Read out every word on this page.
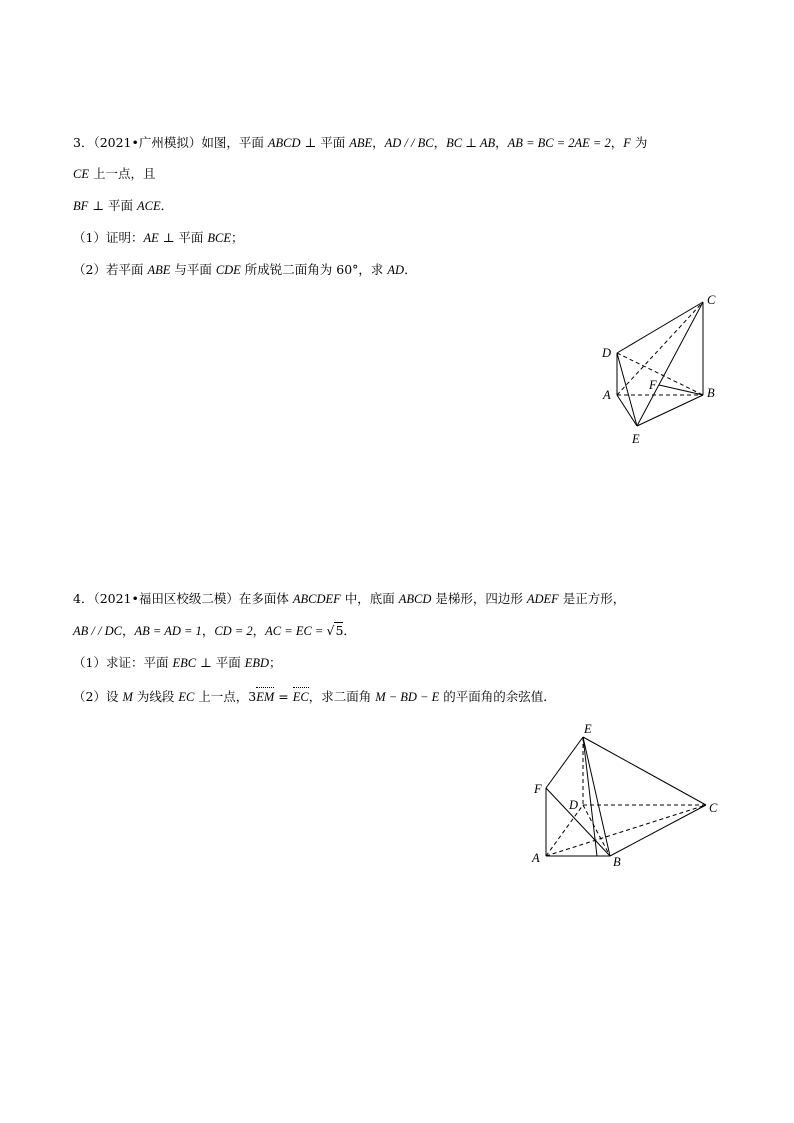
3．（2021•广州模拟）如图，平面 ABCD ⊥ 平面 ABE，AD / / BC，BC ⊥ AB，AB = BC = 2AE = 2，F 为
CE 上一点，且
BF ⊥ 平面 ACE．
（1）证明：AE ⊥ 平面 BCE；
（2）若平面 ABE 与平面 CDE 所成锐二面角为 60°，求 AD．
C
D
F
A	B
E
4．（2021•福田区校级二模）在多面体 ABCDEF 中，底面 ABCD 是梯形，四边形 ADEF 是正方形，
AB / / DC，AB = AD = 1，CD = 2，AC = EC = √5．
（1）求证：平面 EBC ⊥ 平面 EBD；
（2）设 M 为线段 EC 上一点，3EM = EC，求二面角 M − BD − E 的平面角的余弦值．
E
F
D	C
A	B
